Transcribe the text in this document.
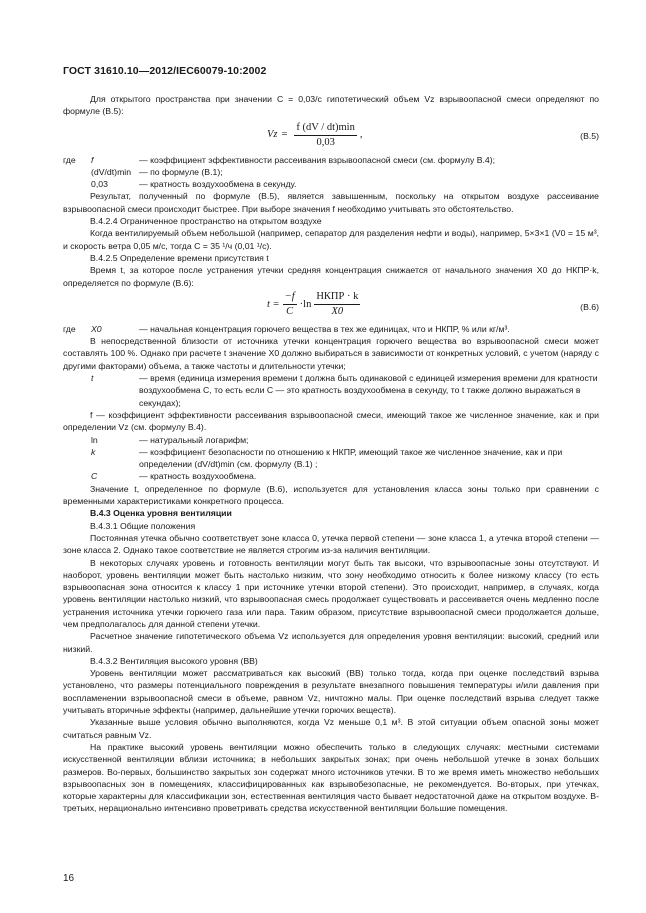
ГОСТ 31610.10—2012/IEC60079-10:2002

Для открытого пространства при значении C = 0,03/с гипотетический объем Vz взрывоопасной смеси определяют по формуле (В.5):

$Vz = \frac{f (dV / dt)\min}{0,03}$ ,	(В.5)
где	f	— коэффициент эффективности рассеивания взрывоопасной смеси (см. формулу В.4);
(dV/dt)min — по формуле (В.1);
0,03	— кратность воздухообмена в секунду.

Результат, полученный по формуле (В.5), является завышенным, поскольку на открытом воздухе рассеивание взрывоопасной смеси происходит быстрее. При выборе значения f необходимо учитывать это обстоятельство.

В.4.2.4 Ограниченное пространство на открытом воздухе

Когда вентилируемый объем небольшой (например, сепаратор для разделения нефти и воды), например, 5×3×1 (V0 = 15 м³, и скорость ветра 0,05 м/с, тогда C = 35 ¹/ч (0,01 ¹/с).

В.4.2.5 Определение времени присутствия t

Время t, за которое после устранения утечки средняя концентрация снижается от начального значения X0 до НКПР·k, определяется по формуле (В.6):

$t = \frac{-f}{C} \cdot\ln \frac{\text{НКПР · k}}{X0}$	(В.6)
где	X0	— начальная концентрация горючего вещества в тех же единицах, что и НКПР, % или кг/м³.

В непосредственной близости от источника утечки концентрация горючего вещества во взрывоопасной смеси может составлять 100 %. Однако при расчете t значение X0 должно выбираться в зависимости от конкретных условий, с учетом (наряду с другими факторами) объема, а также частоты и длительности утечки;

t	— время (единица измерения времени t должна быть одинаковой с единицей измерения времени для кратности воздухообмена C, то есть если C — это кратность воздухообмена в секунду, то t также должно выражаться в секундах);

f — коэффициент эффективности рассеивания взрывоопасной смеси, имеющий такое же численное значение, как и при определении Vz (см. формулу В.4).

ln	— натуральный логарифм;
k	— коэффициент безопасности по отношению к НКПР, имеющий такое же численное значение, как и при определении (dV/dt)min (см. формулу (В.1) ;
C	— кратность воздухообмена.

Значение t, определенное по формуле (В.6), используется для установления класса зоны только при сравнении с временными характеристиками конкретного процесса.

В.4.3 Оценка уровня вентиляции

В.4.3.1 Общие положения

Постоянная утечка обычно соответствует зоне класса 0, утечка первой степени — зоне класса 1, а утечка второй степени — зоне класса 2. Однако такое соответствие не является строгим из-за наличия вентиляции.

В некоторых случаях уровень и готовность вентиляции могут быть так высоки, что взрывоопасные зоны отсутствуют. И наоборот, уровень вентиляции может быть настолько низким, что зону необходимо относить к более низкому классу (то есть взрывоопасная зона относится к классу 1 при источнике утечки второй степени). Это происходит, например, в случаях, когда уровень вентиляции настолько низкий, что взрывоопасная смесь продолжает существовать и рассеивается очень медленно после устранения источника утечки горючего газа или пара. Таким образом, присутствие взрывоопасной смеси продолжается дольше, чем предполагалось для данной степени утечки.

Расчетное значение гипотетического объема Vz используется для определения уровня вентиляции: высокий, средний или низкий.

В.4.3.2 Вентиляция высокого уровня (ВВ)

Уровень вентиляции может рассматриваться как высокий (ВВ) только тогда, когда при оценке последствий взрыва установлено, что размеры потенциального повреждения в результате внезапного повышения температуры и/или давления при воспламенении взрывоопасной смеси в объеме, равном Vz, ничтожно малы. При оценке последствий взрыва следует также учитывать вторичные эффекты (например, дальнейшие утечки горючих веществ).

Указанные выше условия обычно выполняются, когда Vz меньше 0,1 м³. В этой ситуации объем опасной зоны может считаться равным Vz.

На практике высокий уровень вентиляции можно обеспечить только в следующих случаях: местными системами искусственной вентиляции вблизи источника; в небольших закрытых зонах; при очень небольшой утечке в зонах больших размеров. Во-первых, большинство закрытых зон содержат много источников утечки. В то же время иметь множество небольших взрывоопасных зон в помещениях, классифицированных как взрывобезопасные, не рекомендуется. Во-вторых, при утечках, которые характерны для классификации зон, естественная вентиляция часто бывает недостаточной даже на открытом воздухе. В-третьих, нерационально интенсивно проветривать средства искусственной вентиляции большие помещения.

16
